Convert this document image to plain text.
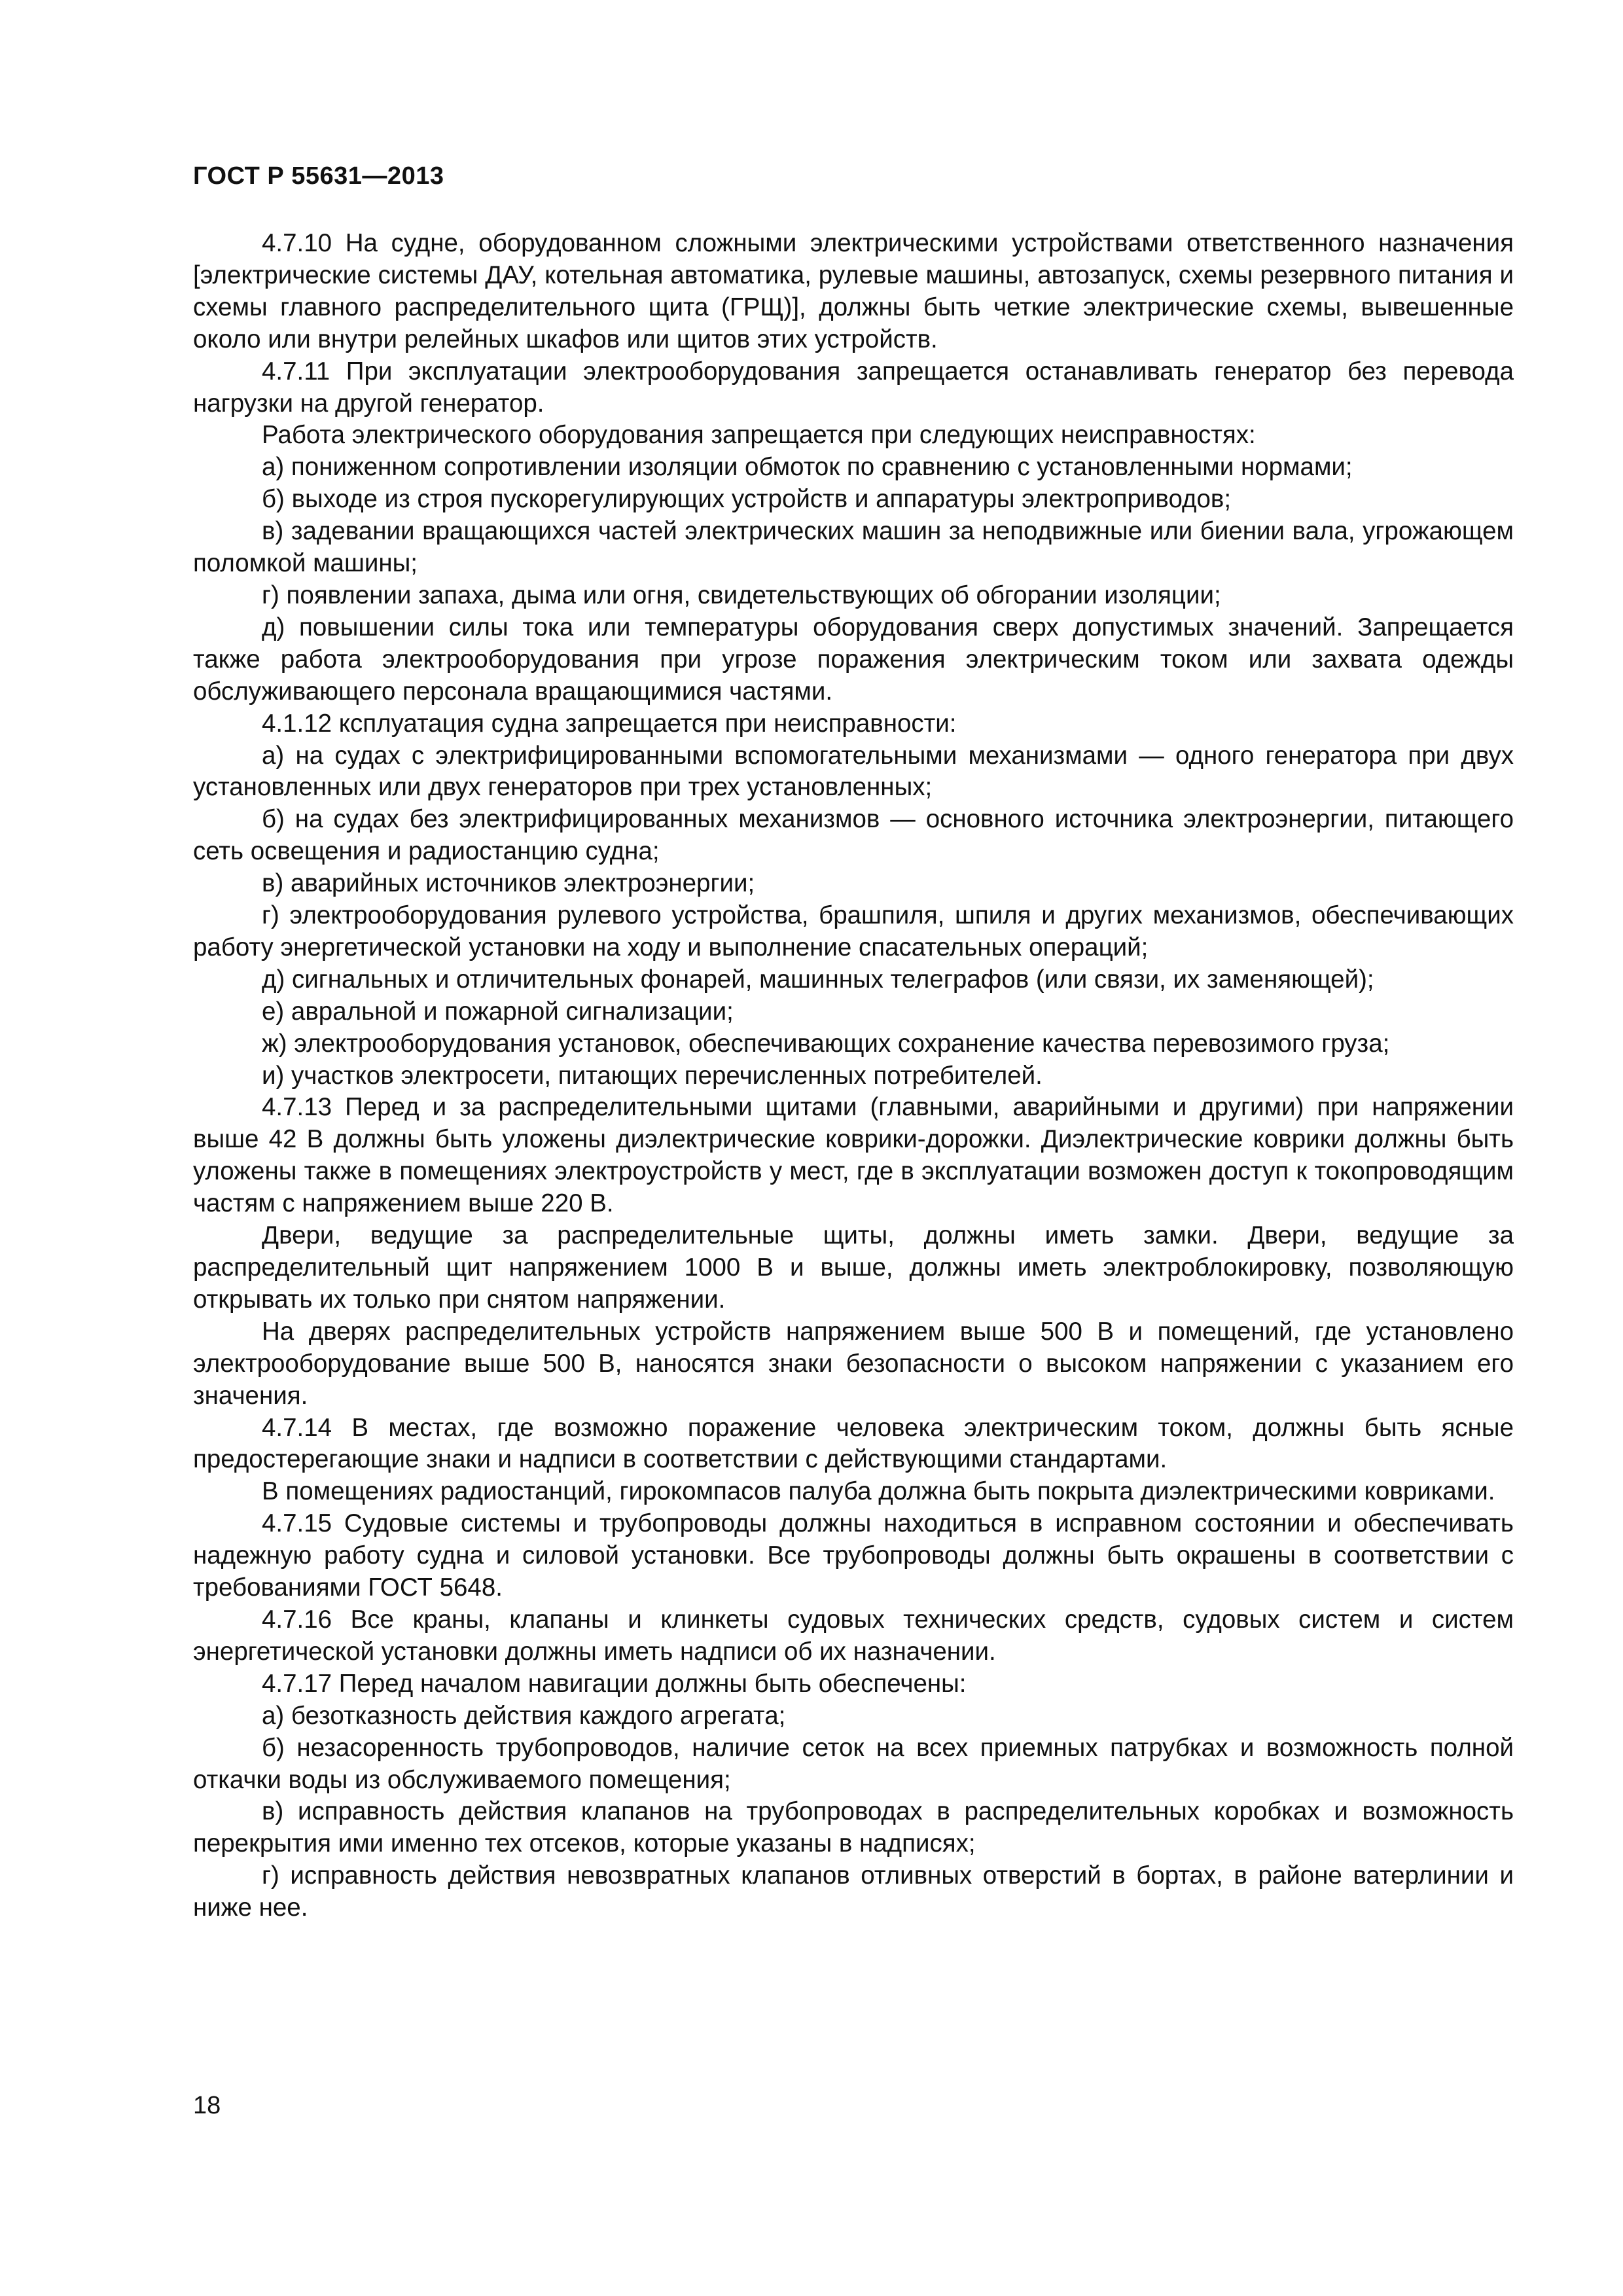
ГОСТ Р 55631—2013

4.7.10 На судне, оборудованном сложными электрическими устройствами ответственного назначения [электрические системы ДАУ, котельная автоматика, рулевые машины, автозапуск, схемы резервного питания и схемы главного распределительного щита (ГРЩ)], должны быть четкие электрические схемы, вывешенные около или внутри релейных шкафов или щитов этих устройств.

4.7.11 При эксплуатации электрооборудования запрещается останавливать генератор без перевода нагрузки на другой генератор.

Работа электрического оборудования запрещается при следующих неисправностях:

а) пониженном сопротивлении изоляции обмоток по сравнению с установленными нормами;

б) выходе из строя пускорегулирующих устройств и аппаратуры электроприводов;

в) задевании вращающихся частей электрических машин за неподвижные или биении вала, угрожающем поломкой машины;

г) появлении запаха, дыма или огня, свидетельствующих об обгорании изоляции;

д) повышении силы тока или температуры оборудования сверх допустимых значений. Запрещается также работа электрооборудования при угрозе поражения электрическим током или захвата одежды обслуживающего персонала вращающимися частями.

4.1.12 ксплуатация судна запрещается при неисправности:

а) на судах с электрифицированными вспомогательными механизмами — одного генератора при двух установленных или двух генераторов при трех установленных;

б) на судах без электрифицированных механизмов — основного источника электроэнергии, питающего сеть освещения и радиостанцию судна;

в) аварийных источников электроэнергии;

г) электрооборудования рулевого устройства, брашпиля, шпиля и других механизмов, обеспечивающих работу энергетической установки на ходу и выполнение спасательных операций;

д) сигнальных и отличительных фонарей, машинных телеграфов (или связи, их заменяющей);

е) авральной и пожарной сигнализации;

ж) электрооборудования установок, обеспечивающих сохранение качества перевозимого груза;

и) участков электросети, питающих перечисленных потребителей.

4.7.13 Перед и за распределительными щитами (главными, аварийными и другими) при напряжении выше 42 В должны быть уложены диэлектрические коврики-дорожки. Диэлектрические коврики должны быть уложены также в помещениях электроустройств у мест, где в эксплуатации возможен доступ к токопроводящим частям с напряжением выше 220 В.

Двери, ведущие за распределительные щиты, должны иметь замки. Двери, ведущие за распределительный щит напряжением 1000 В и выше, должны иметь электроблокировку, позволяющую открывать их только при снятом напряжении.

На дверях распределительных устройств напряжением выше 500 В и помещений, где установлено электрооборудование выше 500 В, наносятся знаки безопасности о высоком напряжении с указанием его значения.

4.7.14 В местах, где возможно поражение человека электрическим током, должны быть ясные предостерегающие знаки и надписи в соответствии с действующими стандартами.

В помещениях радиостанций, гирокомпасов палуба должна быть покрыта диэлектрическими ковриками.

4.7.15 Судовые системы и трубопроводы должны находиться в исправном состоянии и обеспечивать надежную работу судна и силовой установки. Все трубопроводы должны быть окрашены в соответствии с требованиями ГОСТ 5648.

4.7.16 Все краны, клапаны и клинкеты судовых технических средств, судовых систем и систем энергетической установки должны иметь надписи об их назначении.

4.7.17 Перед началом навигации должны быть обеспечены:

а) безотказность действия каждого агрегата;

б) незасоренность трубопроводов, наличие сеток на всех приемных патрубках и возможность полной откачки воды из обслуживаемого помещения;

в) исправность действия клапанов на трубопроводах в распределительных коробках и возможность перекрытия ими именно тех отсеков, которые указаны в надписях;

г) исправность действия невозвратных клапанов отливных отверстий в бортах, в районе ватерлинии и ниже нее.

18
